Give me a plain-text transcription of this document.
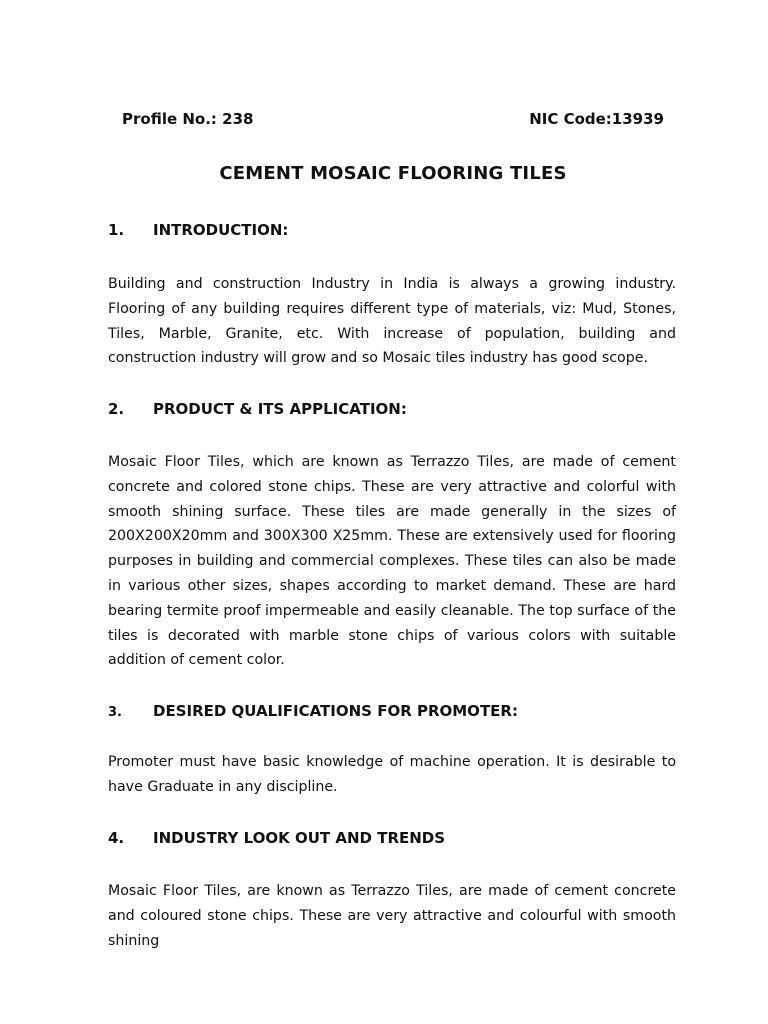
Profile No.: 238	NIC Code:13939
CEMENT MOSAIC FLOORING TILES
1. INTRODUCTION:
Building and construction Industry in India is always a growing industry. Flooring of any building requires different type of materials, viz: Mud, Stones, Tiles, Marble, Granite, etc. With increase of population, building and construction industry will grow and so Mosaic tiles industry has good scope.
2. PRODUCT & ITS APPLICATION:
Mosaic Floor Tiles, which are known as Terrazzo Tiles, are made of cement concrete and colored stone chips. These are very attractive and colorful with smooth shining surface. These tiles are made generally in the sizes of 200X200X20mm and 300X300 X25mm. These are extensively used for flooring purposes in building and commercial complexes. These tiles can also be made in various other sizes, shapes according to market demand. These are hard bearing termite proof impermeable and easily cleanable. The top surface of the tiles is decorated with marble stone chips of various colors with suitable addition of cement color.
3. DESIRED QUALIFICATIONS FOR PROMOTER:
Promoter must have basic knowledge of machine operation. It is desirable to have Graduate in any discipline.
4. INDUSTRY LOOK OUT AND TRENDS
Mosaic Floor Tiles, are known as Terrazzo Tiles, are made of cement concrete and coloured stone chips. These are very attractive and colourful with smooth shining
